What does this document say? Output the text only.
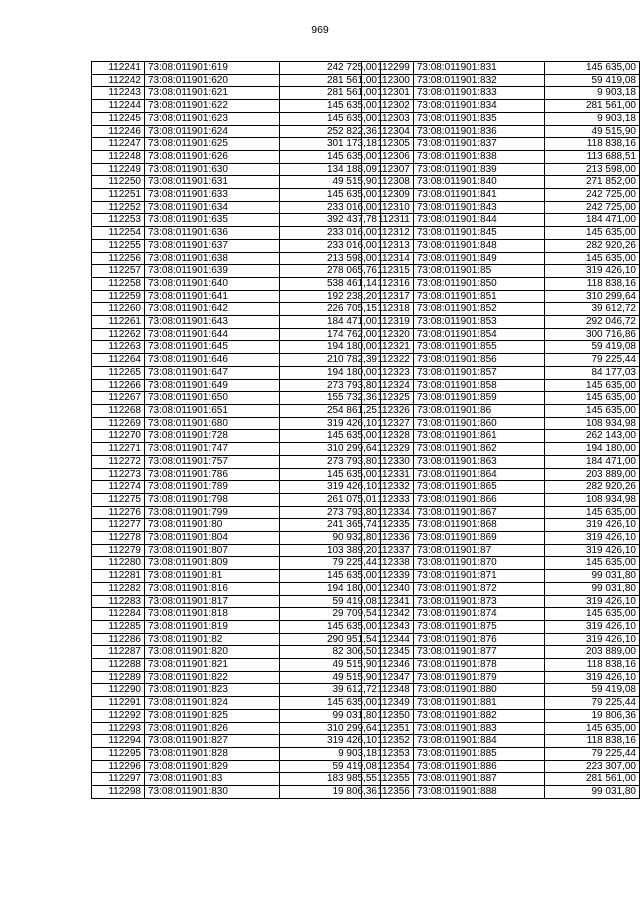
969
112241	73:08:011901:619	242 725,00
112242	73:08:011901:620	281 561,00
112243	73:08:011901:621	281 561,00
112244	73:08:011901:622	145 635,00
112245	73:08:011901:623	145 635,00
112246	73:08:011901:624	252 822,36
112247	73:08:011901:625	301 173,18
112248	73:08:011901:626	145 635,00
112249	73:08:011901:630	134 188,09
112250	73:08:011901:631	49 515,90
112251	73:08:011901:633	145 635,00
112252	73:08:011901:634	233 016,00
112253	73:08:011901:635	392 437,78
112254	73:08:011901:636	233 016,00
112255	73:08:011901:637	233 016,00
112256	73:08:011901:638	213 598,00
112257	73:08:011901:639	278 065,76
112258	73:08:011901:640	538 461,14
112259	73:08:011901:641	192 238,20
112260	73:08:011901:642	226 705,15
112261	73:08:011901:643	184 471,00
112262	73:08:011901:644	174 762,00
112263	73:08:011901:645	194 180,00
112264	73:08:011901:646	210 782,39
112265	73:08:011901:647	194 180,00
112266	73:08:011901:649	273 793,80
112267	73:08:011901:650	155 732,36
112268	73:08:011901:651	254 861,25
112269	73:08:011901:680	319 426,10
112270	73:08:011901:728	145 635,00
112271	73:08:011901:747	310 299,64
112272	73:08:011901:757	273 793,80
112273	73:08:011901:786	145 635,00
112274	73:08:011901:789	319 426,10
112275	73:08:011901:798	261 075,01
112276	73:08:011901:799	273 793,80
112277	73:08:011901:80	241 365,74
112278	73:08:011901:804	90 932,80
112279	73:08:011901:807	103 389,20
112280	73:08:011901:809	79 225,44
112281	73:08:011901:81	145 635,00
112282	73:08:011901:816	194 180,00
112283	73:08:011901:817	59 419,08
112284	73:08:011901:818	29 709,54
112285	73:08:011901:819	145 635,00
112286	73:08:011901:82	290 951,54
112287	73:08:011901:820	82 306,50
112288	73:08:011901:821	49 515,90
112289	73:08:011901:822	49 515,90
112290	73:08:011901:823	39 612,72
112291	73:08:011901:824	145 635,00
112292	73:08:011901:825	99 031,80
112293	73:08:011901:826	310 299,64
112294	73:08:011901:827	319 426,10
112295	73:08:011901:828	9 903,18
112296	73:08:011901:829	59 419,08
112297	73:08:011901:83	183 985,55
112298	73:08:011901:830	19 806,36
112299	73:08:011901:831	145 635,00
112300	73:08:011901:832	59 419,08
112301	73:08:011901:833	9 903,18
112302	73:08:011901:834	281 561,00
112303	73:08:011901:835	9 903,18
112304	73:08:011901:836	49 515,90
112305	73:08:011901:837	118 838,16
112306	73:08:011901:838	113 688,51
112307	73:08:011901:839	213 598,00
112308	73:08:011901:840	271 852,00
112309	73:08:011901:841	242 725,00
112310	73:08:011901:843	242 725,00
112311	73:08:011901:844	184 471,00
112312	73:08:011901:845	145 635,00
112313	73:08:011901:848	282 920,26
112314	73:08:011901:849	145 635,00
112315	73:08:011901:85	319 426,10
112316	73:08:011901:850	118 838,16
112317	73:08:011901:851	310 299,64
112318	73:08:011901:852	39 612,72
112319	73:08:011901:853	292 046,72
112320	73:08:011901:854	300 716,86
112321	73:08:011901:855	59 419,08
112322	73:08:011901:856	79 225,44
112323	73:08:011901:857	84 177,03
112324	73:08:011901:858	145 635,00
112325	73:08:011901:859	145 635,00
112326	73:08:011901:86	145 635,00
112327	73:08:011901:860	108 934,98
112328	73:08:011901:861	262 143,00
112329	73:08:011901:862	194 180,00
112330	73:08:011901:863	184 471,00
112331	73:08:011901:864	203 889,00
112332	73:08:011901:865	282 920,26
112333	73:08:011901:866	108 934,98
112334	73:08:011901:867	145 635,00
112335	73:08:011901:868	319 426,10
112336	73:08:011901:869	319 426,10
112337	73:08:011901:87	319 426,10
112338	73:08:011901:870	145 635,00
112339	73:08:011901:871	99 031,80
112340	73:08:011901:872	99 031,80
112341	73:08:011901:873	319 426,10
112342	73:08:011901:874	145 635,00
112343	73:08:011901:875	319 426,10
112344	73:08:011901:876	319 426,10
112345	73:08:011901:877	203 889,00
112346	73:08:011901:878	118 838,16
112347	73:08:011901:879	319 426,10
112348	73:08:011901:880	59 419,08
112349	73:08:011901:881	79 225,44
112350	73:08:011901:882	19 806,36
112351	73:08:011901:883	145 635,00
112352	73:08:011901:884	118 838,16
112353	73:08:011901:885	79 225,44
112354	73:08:011901:886	223 307,00
112355	73:08:011901:887	281 561,00
112356	73:08:011901:888	99 031,80
